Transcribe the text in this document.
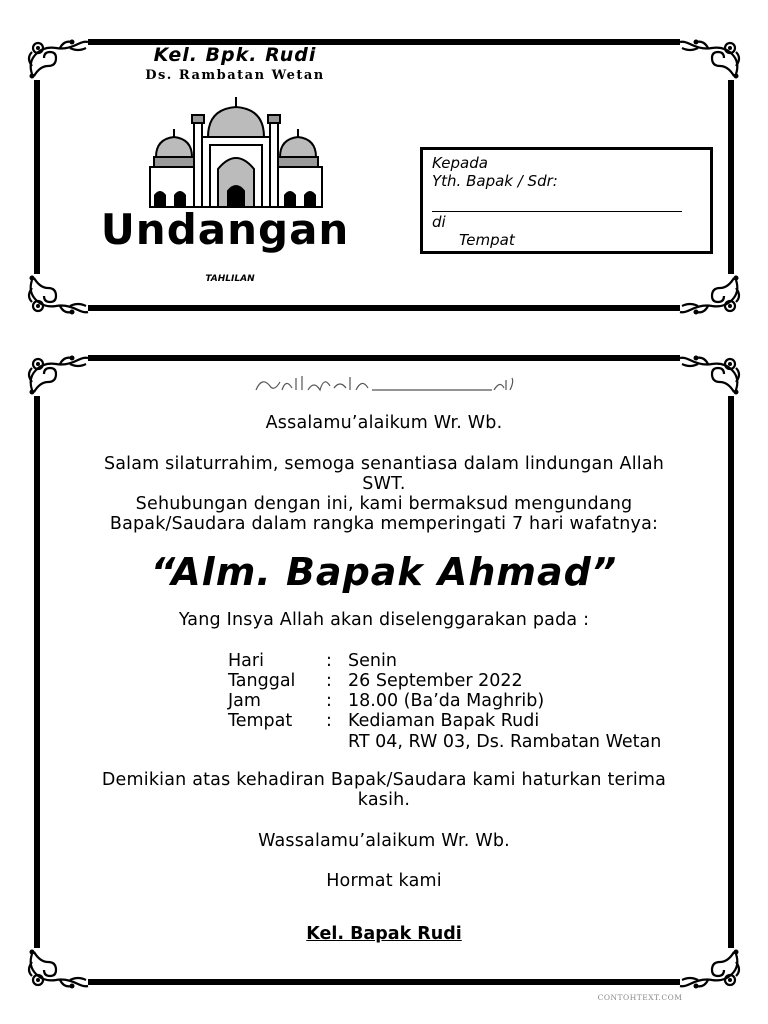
Kel. Bpk. Rudi
Ds. Rambatan Wetan
Undangan
TAHLILAN
Kepada
Yth. Bapak / Sdr:
di
Tempat
Assalamu’alaikum Wr. Wb.
Salam silaturrahim, semoga senantiasa dalam lindungan Allah
SWT.
Sehubungan dengan ini, kami bermaksud mengundang
Bapak/Saudara dalam rangka memperingati 7 hari wafatnya:
“Alm. Bapak Ahmad”
Yang Insya Allah akan diselenggarakan pada :
Hari	: Senin
Tanggal : 26 September 2022
Jam	: 18.00 (Ba’da Maghrib)
Tempat : Kediaman Bapak Rudi
RT 04, RW 03, Ds. Rambatan Wetan
Demikian atas kehadiran Bapak/Saudara kami haturkan terima
kasih.
Wassalamu’alaikum Wr. Wb.
Hormat kami
Kel. Bapak Rudi
CONTOHTEXT.COM
